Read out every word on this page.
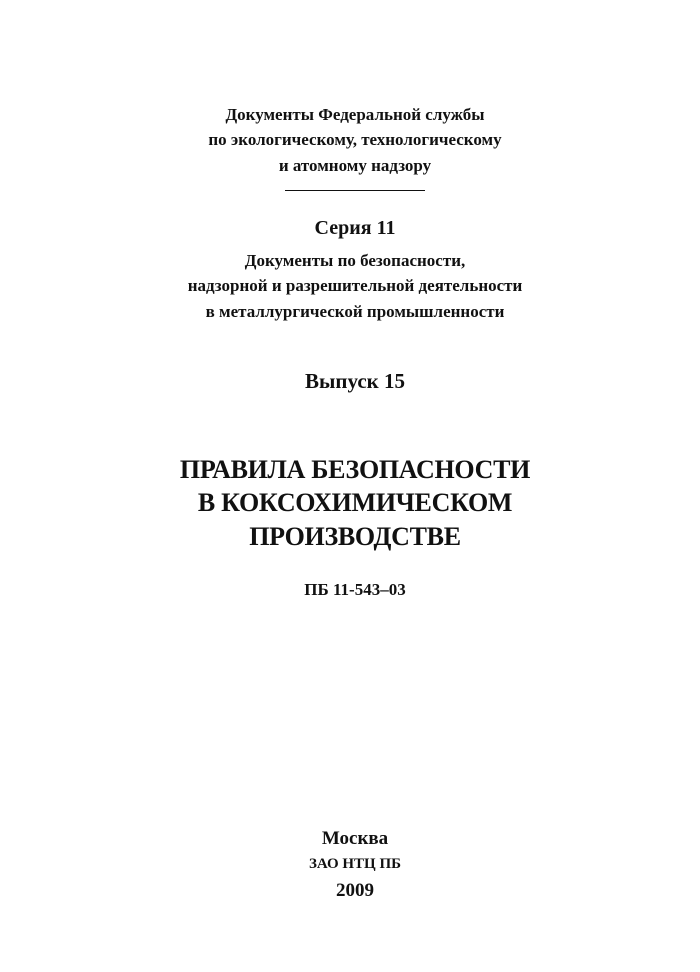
Документы Федеральной службы
по экологическому, технологическому
и атомному надзору
Серия 11
Документы по безопасности,
надзорной и разрешительной деятельности
в металлургической промышленности
Выпуск 15
ПРАВИЛА БЕЗОПАСНОСТИ
В КОКСОХИМИЧЕСКОМ
ПРОИЗВОДСТВЕ
ПБ 11-543–03
Москва
ЗАО НТЦ ПБ
2009
